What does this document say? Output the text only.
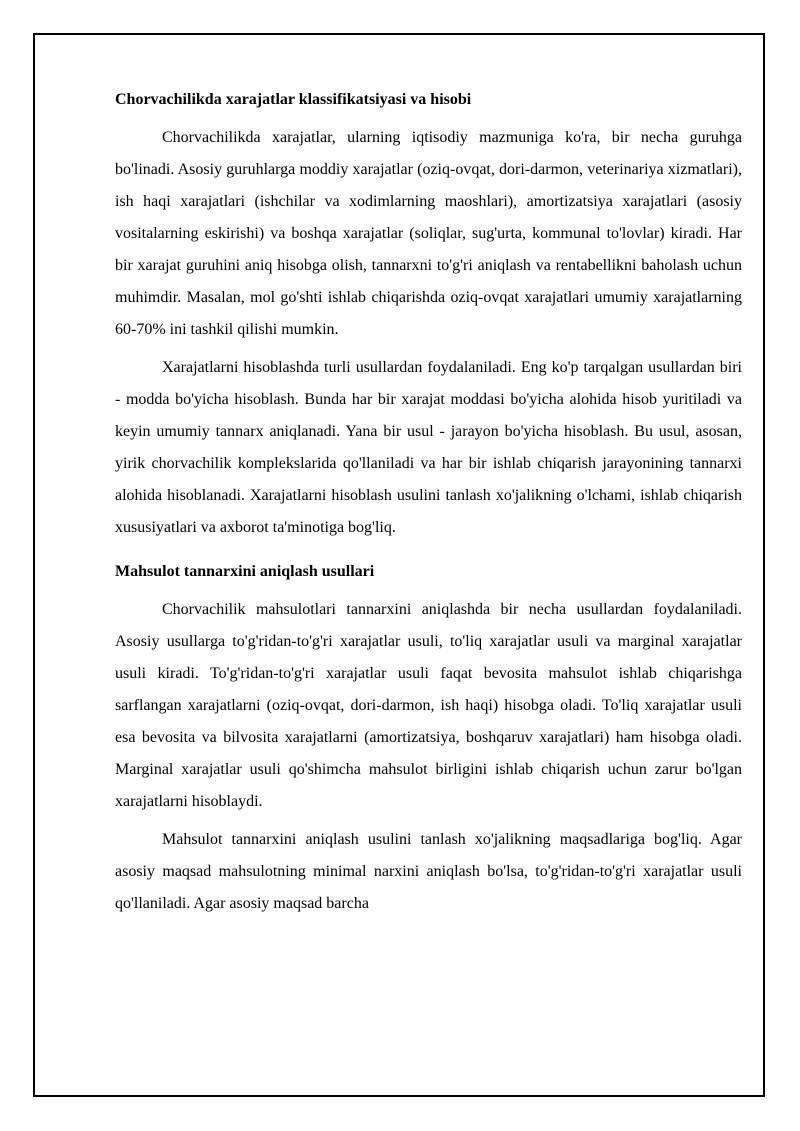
Chorvachilikda xarajatlar klassifikatsiyasi va hisobi

Chorvachilikda xarajatlar, ularning iqtisodiy mazmuniga ko'ra, bir necha guruhga bo'linadi. Asosiy guruhlarga moddiy xarajatlar (oziq-ovqat, dori-darmon, veterinariya xizmatlari), ish haqi xarajatlari (ishchilar va xodimlarning maoshlari), amortizatsiya xarajatlari (asosiy vositalarning eskirishi) va boshqa xarajatlar (soliqlar, sug'urta, kommunal to'lovlar) kiradi. Har bir xarajat guruhini aniq hisobga olish, tannarxni to'g'ri aniqlash va rentabellikni baholash uchun muhimdir. Masalan, mol go'shti ishlab chiqarishda oziq-ovqat xarajatlari umumiy xarajatlarning 60-70% ini tashkil qilishi mumkin.

Xarajatlarni hisoblashda turli usullardan foydalaniladi. Eng ko'p tarqalgan usullardan biri - modda bo'yicha hisoblash. Bunda har bir xarajat moddasi bo'yicha alohida hisob yuritiladi va keyin umumiy tannarx aniqlanadi. Yana bir usul - jarayon bo'yicha hisoblash. Bu usul, asosan, yirik chorvachilik komplekslarida qo'llaniladi va har bir ishlab chiqarish jarayonining tannarxi alohida hisoblanadi. Xarajatlarni hisoblash usulini tanlash xo'jalikning o'lchami, ishlab chiqarish xususiyatlari va axborot ta'minotiga bog'liq.

Mahsulot tannarxini aniqlash usullari

Chorvachilik mahsulotlari tannarxini aniqlashda bir necha usullardan foydalaniladi. Asosiy usullarga to'g'ridan-to'g'ri xarajatlar usuli, to'liq xarajatlar usuli va marginal xarajatlar usuli kiradi. To'g'ridan-to'g'ri xarajatlar usuli faqat bevosita mahsulot ishlab chiqarishga sarflangan xarajatlarni (oziq-ovqat, dori-darmon, ish haqi) hisobga oladi. To'liq xarajatlar usuli esa bevosita va bilvosita xarajatlarni (amortizatsiya, boshqaruv xarajatlari) ham hisobga oladi. Marginal xarajatlar usuli qo'shimcha mahsulot birligini ishlab chiqarish uchun zarur bo'lgan xarajatlarni hisoblaydi.

Mahsulot tannarxini aniqlash usulini tanlash xo'jalikning maqsadlariga bog'liq. Agar asosiy maqsad mahsulotning minimal narxini aniqlash bo'lsa, to'g'ridan-to'g'ri xarajatlar usuli qo'llaniladi. Agar asosiy maqsad barcha
